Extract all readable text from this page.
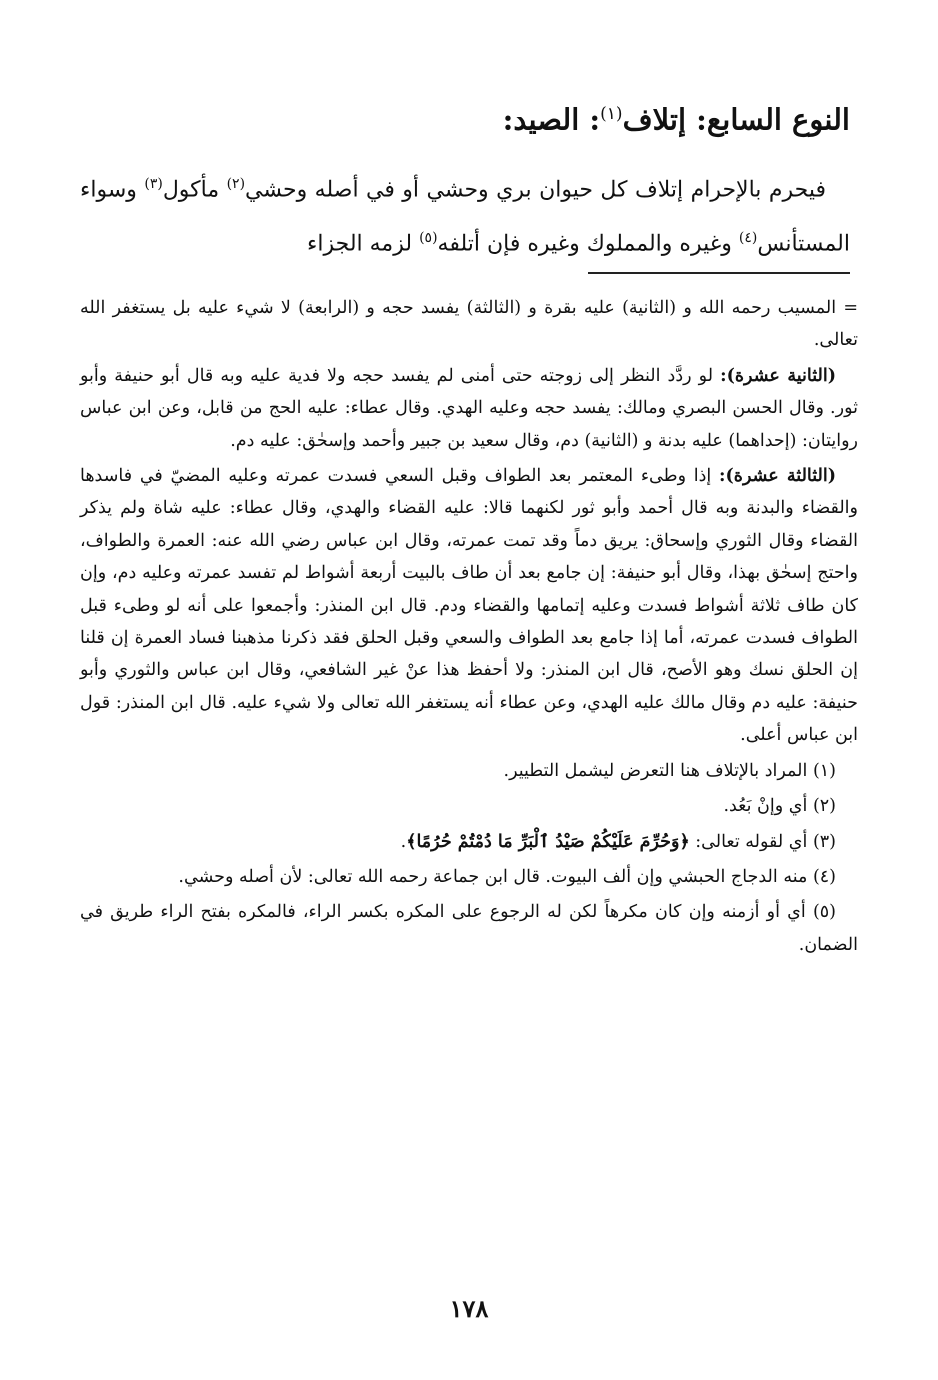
النوع السابع: إتلاف$^{(١)}$: الصيد:
فيحرم بالإحرام إتلاف كل حيوان بري وحشي أو في أصله وحشي$^{(٢)}$ مأكول$^{(٣)}$ وسواء المستأنس$^{(٤)}$ وغيره والمملوك وغيره فإن أتلفه$^{(٥)}$ لزمه الجزاء

= المسيب رحمه الله و (الثانية) عليه بقرة و (الثالثة) يفسد حجه و (الرابعة) لا شيء عليه بل يستغفر الله تعالى.

(الثانية عشرة): لو ردَّد النظر إلى زوجته حتى أمنى لم يفسد حجه ولا فدية عليه وبه قال أبو حنيفة وأبو ثور. وقال الحسن البصري ومالك: يفسد حجه وعليه الهدي. وقال عطاء: عليه الحج من قابل، وعن ابن عباس روايتان: (إحداهما) عليه بدنة و (الثانية) دم، وقال سعيد بن جبير وأحمد وإسحٰق: عليه دم.

(الثالثة عشرة): إذا وطىء المعتمر بعد الطواف وقبل السعي فسدت عمرته وعليه المضيّ في فاسدها والقضاء والبدنة وبه قال أحمد وأبو ثور لكنهما قالا: عليه القضاء والهدي، وقال عطاء: عليه شاة ولم يذكر القضاء وقال الثوري وإسحاق: يريق دماً وقد تمت عمرته، وقال ابن عباس رضي الله عنه: العمرة والطواف، واحتج إسحٰق بهذا، وقال أبو حنيفة: إن جامع بعد أن طاف بالبيت أربعة أشواط لم تفسد عمرته وعليه دم، وإن كان طاف ثلاثة أشواط فسدت وعليه إتمامها والقضاء ودم. قال ابن المنذر: وأجمعوا على أنه لو وطىء قبل الطواف فسدت عمرته، أما إذا جامع بعد الطواف والسعي وقبل الحلق فقد ذكرنا مذهبنا فساد العمرة إن قلنا إن الحلق نسك وهو الأصح، قال ابن المنذر: ولا أحفظ هذا عنْ غير الشافعي، وقال ابن عباس والثوري وأبو حنيفة: عليه دم وقال مالك عليه الهدي، وعن عطاء أنه يستغفر الله تعالى ولا شيء عليه. قال ابن المنذر: قول ابن عباس أعلى.

(١) المراد بالإتلاف هنا التعرض ليشمل التطيير.

(٢) أي وإنْ بَعُد.

(٣) أي لقوله تعالى: ﴿وَحُرِّمَ عَلَيْكُمْ صَيْدُ ٱلْبَرِّ مَا دُمْتُمْ حُرُمًا﴾.

(٤) منه الدجاج الحبشي وإن ألف البيوت. قال ابن جماعة رحمه الله تعالى: لأن أصله وحشي.

(٥) أي أو أزمنه وإن كان مكرهاً لكن له الرجوع على المكره بكسر الراء، فالمكره بفتح الراء طريق في الضمان.

١٧٨
